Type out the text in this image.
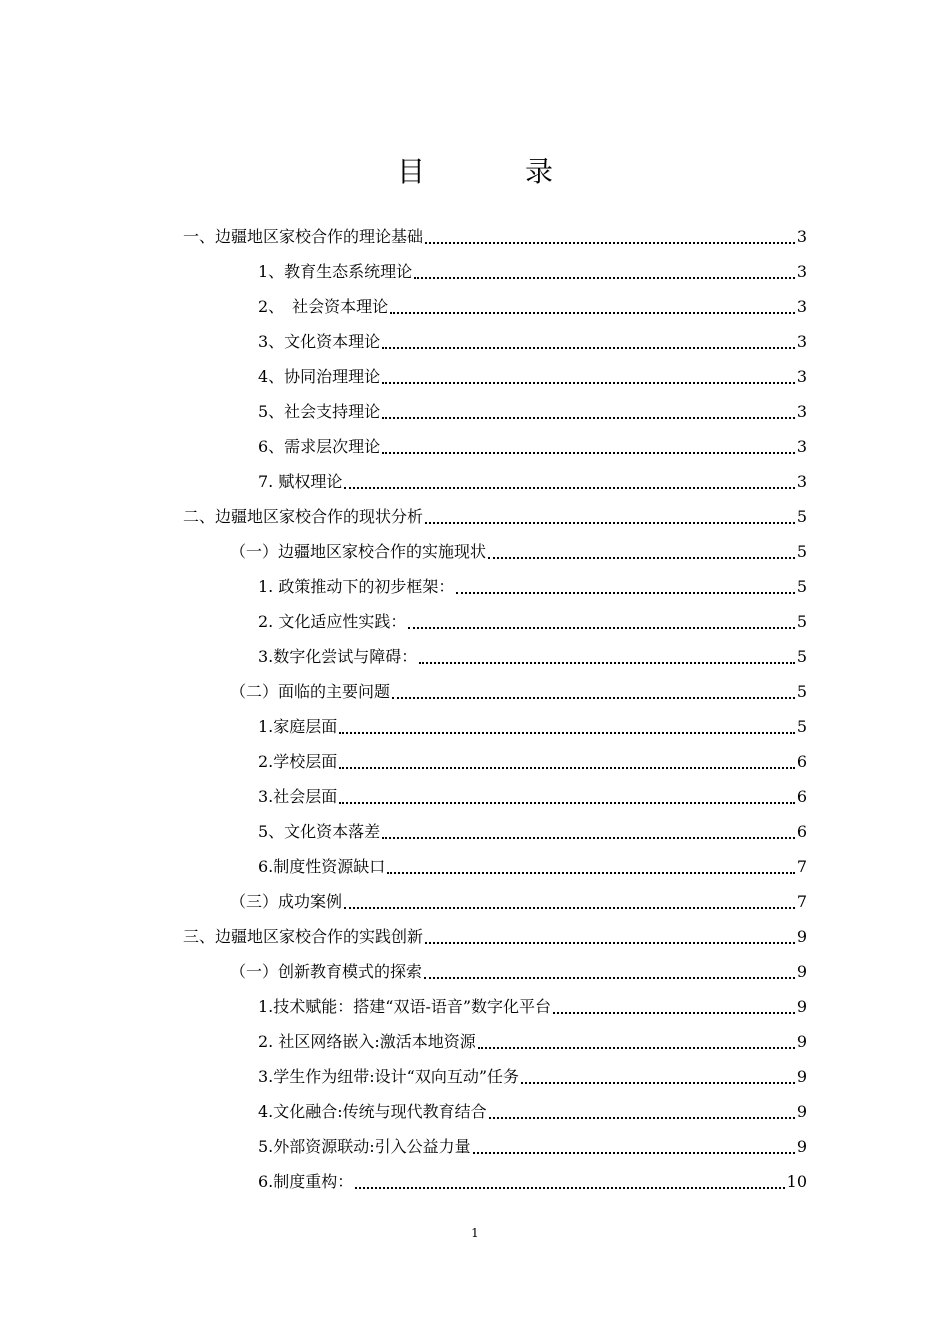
目　录
一、边疆地区家校合作的理论基础	3
1、教育生态系统理论	3
2、　社会资本理论	3
3、文化资本理论	3
4、协同治理理论	3
5、社会支持理论	3
6、需求层次理论	3
7. 赋权理论	3
二、边疆地区家校合作的现状分析	5
（一）边疆地区家校合作的实施现状	5
1. 政策推动下的初步框架：	5
2. 文化适应性实践：	5
3.数字化尝试与障碍：	5
（二）面临的主要问题	5
1.家庭层面	5
2.学校层面	6
3.社会层面	6
5、文化资本落差	6
6.制度性资源缺口	7
（三）成功案例	7
三、边疆地区家校合作的实践创新	9
（一）创新教育模式的探索	9
1.技术赋能：搭建“双语-语音”数字化平台	9
2. 社区网络嵌入:激活本地资源	9
3.学生作为纽带:设计“双向互动”任务	9
4.文化融合:传统与现代教育结合	9
5.外部资源联动:引入公益力量	9
6.制度重构：	10
1
